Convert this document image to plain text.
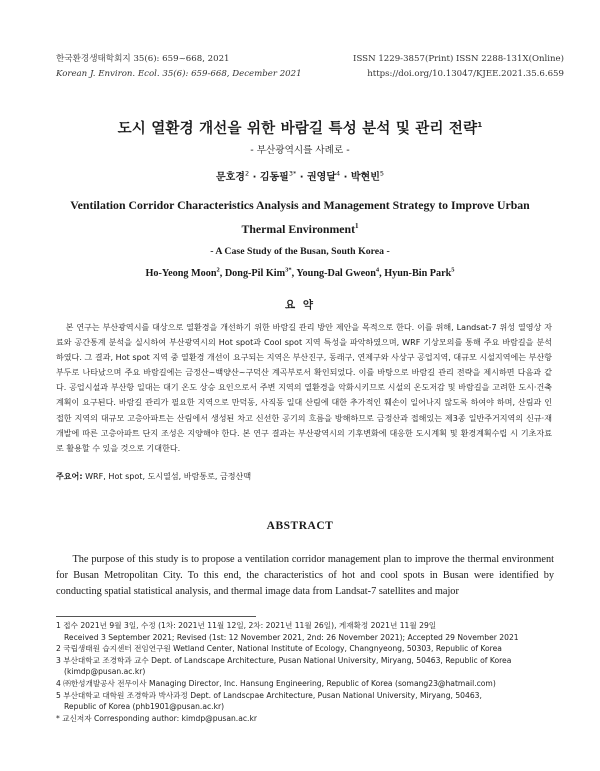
한국환경생태학회지 35(6): 659~668, 2021
Korean J. Environ. Ecol. 35(6): 659-668, December 2021
ISSN 1229-3857(Print) ISSN 2288-131X(Online)
https://doi.org/10.13047/KJEE.2021.35.6.659
도시 열환경 개선을 위한 바람길 특성 분석 및 관리 전략$^1$
- 부산광역시를 사례로 -
문호경$^2$ · 김동필$^{3*}$ · 권영달$^4$ · 박현빈$^5$
Ventilation Corridor Characteristics Analysis and Management Strategy to Improve Urban
Thermal Environment$^1$
- A Case Study of the Busan, South Korea -
Ho-Yeong Moon$^2$, Dong-Pil Kim$^{3*}$, Young-Dal Gweon$^4$, Hyun-Bin Park$^5$
요 약
본 연구는 부산광역시를 대상으로 열환경을 개선하기 위한 바람길 관리 방안 제안을 목적으로 한다. 이를 위해, Landsat-7 위성 열영상 자료와 공간통계 분석을 실시하여 부산광역시의 Hot spot과 Cool spot 지역 특성을 파악하였으며, WRF 기상모의를 통해 주요 바람길을 분석하였다. 그 결과, Hot spot 지역 중 열환경 개선이 요구되는 지역은 부산진구, 동래구, 연제구와 사상구 공업지역, 대규모 시설지역에는 부산항 부두로 나타났으며 주요 바람길에는 금정산~백양산~구덕산 계곡부로서 확인되었다. 이를 바탕으로 바람길 관리 전략을 제시하면 다음과 같다. 공업시설과 부산항 일대는 대기 온도 상승 요인으로서 주변 지역의 열환경을 악화시키므로 시설의 온도저감 및 바람길을 고려한 도시·건축계획이 요구된다. 바람길 관리가 필요한 지역으로 만덕동, 사직동 일대 산림에 대한 추가적인 훼손이 일어나지 않도록 하여야 하며, 산림과 인접한 지역의 대규모 고층아파트는 산림에서 생성된 차고 신선한 공기의 흐름을 방해하므로 금정산과 접해있는 제3종 일반주거지역의 신규·재개발에 따른 고층아파트 단지 조성은 지양해야 한다. 본 연구 결과는 부산광역시의 기후변화에 대응한 도시계획 및 환경계획수립 시 기초자료로 활용할 수 있을 것으로 기대한다.
주요어: WRF, Hot spot, 도시열섬, 바람통로, 금정산맥
ABSTRACT
The purpose of this study is to propose a ventilation corridor management plan to improve the thermal environment for Busan Metropolitan City. To this end, the characteristics of hot and cool spots in Busan were identified by conducting spatial statistical analysis, and thermal image data from Landsat-7 satellites and major
1 접수 2021년 9월 3일, 수정 (1차: 2021년 11월 12일, 2차: 2021년 11월 26일), 게재확정 2021년 11월 29일
Received 3 September 2021; Revised (1st: 12 November 2021, 2nd: 26 November 2021); Accepted 29 November 2021
2 국립생태원 습지센터 전임연구원 Wetland Center, National Institute of Ecology, Changnyeong, 50303, Republic of Korea
3 부산대학교 조경학과 교수 Dept. of Landscape Architecture, Pusan National University, Miryang, 50463, Republic of Korea
(kimdp@pusan.ac.kr)
4 ㈜한성개발공사 전무이사 Managing Director, Inc. Hansung Engineering, Republic of Korea (somang23@hatmail.com)
5 부산대학교 대학원 조경학과 박사과정 Dept. of Landscpae Architecture, Pusan National University, Miryang, 50463,
Republic of Korea (phb1901@pusan.ac.kr)
* 교신저자 Corresponding author: kimdp@pusan.ac.kr
